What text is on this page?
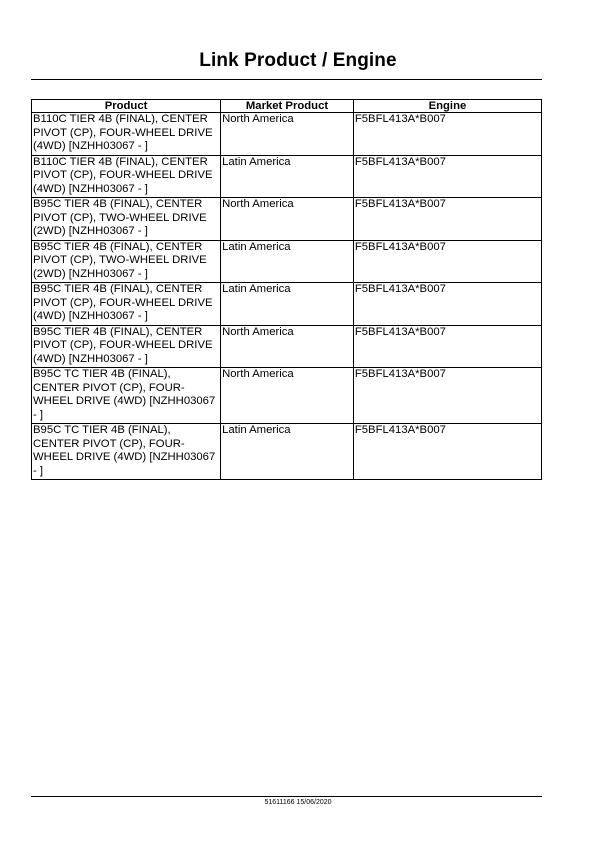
Link Product / Engine
Product	Market Product	Engine
B110C TIER 4B (FINAL), CENTER PIVOT (CP), FOUR-WHEEL DRIVE (4WD) [NZHH03067 - ]	North America	F5BFL413A*B007
B110C TIER 4B (FINAL), CENTER PIVOT (CP), FOUR-WHEEL DRIVE (4WD) [NZHH03067 - ]	Latin America	F5BFL413A*B007
B95C TIER 4B (FINAL), CENTER PIVOT (CP), TWO-WHEEL DRIVE (2WD) [NZHH03067 - ]	North America	F5BFL413A*B007
B95C TIER 4B (FINAL), CENTER PIVOT (CP), TWO-WHEEL DRIVE (2WD) [NZHH03067 - ]	Latin America	F5BFL413A*B007
B95C TIER 4B (FINAL), CENTER PIVOT (CP), FOUR-WHEEL DRIVE (4WD) [NZHH03067 - ]	Latin America	F5BFL413A*B007
B95C TIER 4B (FINAL), CENTER PIVOT (CP), FOUR-WHEEL DRIVE (4WD) [NZHH03067 - ]	North America	F5BFL413A*B007
B95C TC TIER 4B (FINAL), CENTER PIVOT (CP), FOUR-WHEEL DRIVE (4WD) [NZHH03067 - ]	North America	F5BFL413A*B007
B95C TC TIER 4B (FINAL), CENTER PIVOT (CP), FOUR-WHEEL DRIVE (4WD) [NZHH03067 - ]	Latin America	F5BFL413A*B007
51611166 15/06/2020
